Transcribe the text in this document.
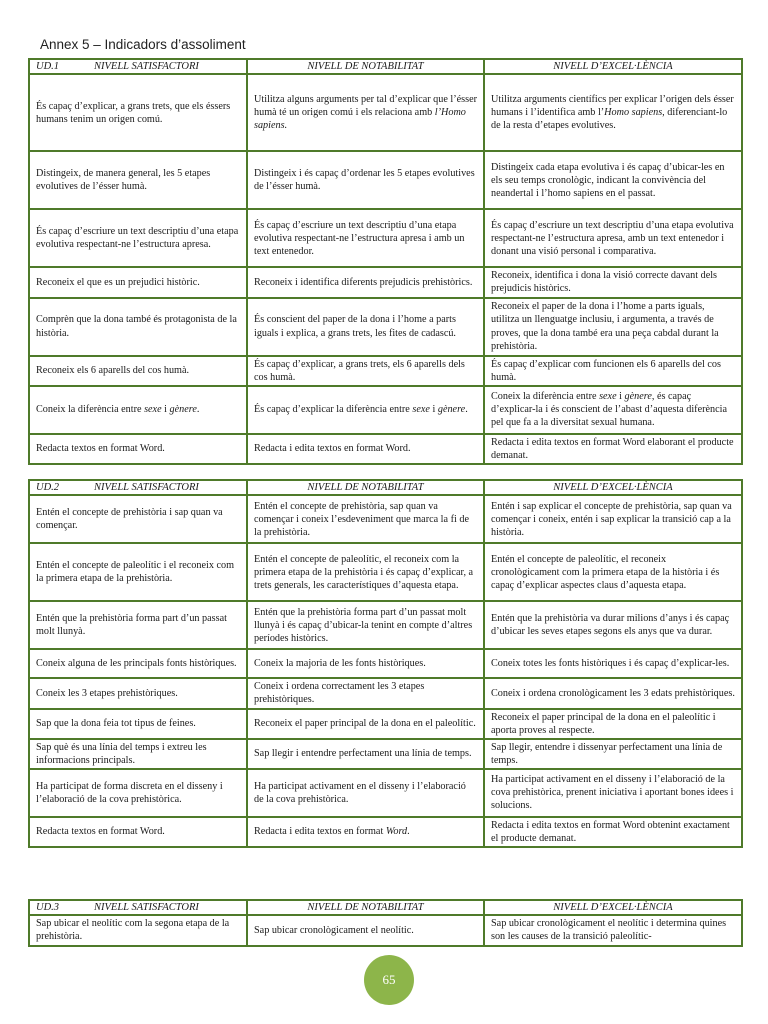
Annex 5 – Indicadors d’assoliment
UD.1 NIVELL SATISFACTORI	NIVELL DE NOTABILITAT	NIVELL D’EXCEL·LÈNCIA
És capaç d’explicar, a grans trets, que els éssers humans tenim un origen comú.	Utilitza alguns arguments per tal d’explicar que l’ésser humà té un origen comú i els relaciona amb l’Homo sapiens.	Utilitza arguments científics per explicar l’origen dels ésser humans i l’identifica amb l’Homo sapiens, diferenciant-lo de la resta d’etapes evolutives.
Distingeix, de manera general, les 5 etapes evolutives de l’ésser humà.	Distingeix i és capaç d’ordenar les 5 etapes evolutives de l’ésser humà.	Distingeix cada etapa evolutiva i és capaç d’ubicar-les en els seu temps cronològic, indicant la convivència del neandertal i l’homo sapiens en el passat.
És capaç d’escriure un text descriptiu d’una etapa evolutiva respectant-ne l’estructura apresa.	És capaç d’escriure un text descriptiu d’una etapa evolutiva respectant-ne l’estructura apresa i amb un text entenedor.	És capaç d’escriure un text descriptiu d’una etapa evolutiva respectant-ne l’estructura apresa, amb un text entenedor i donant una visió personal i comparativa.
Reconeix el que es un prejudici històric.	Reconeix i identifica diferents prejudicis prehistòrics.	Reconeix, identifica i dona la visió correcte davant dels prejudicis històrics.
Comprèn que la dona també és protagonista de la història.	És conscient del paper de la dona i l’home a parts iguals i explica, a grans trets, les fites de cadascú.	Reconeix el paper de la dona i l’home a parts iguals, utilitza un llenguatge inclusiu, i argumenta, a través de proves, que la dona també era una peça cabdal durant la prehistòria.
Reconeix els 6 aparells del cos humà.	És capaç d’explicar, a grans trets, els 6 aparells dels cos humà.	És capaç d’explicar com funcionen els 6 aparells del cos humà.
Coneix la diferència entre sexe i gènere.	És capaç d’explicar la diferència entre sexe i gènere.	Coneix la diferència entre sexe i gènere, és capaç d’explicar-la i és conscient de l’abast d’aquesta diferència pel que fa a la diversitat sexual humana.
Redacta textos en format Word.	Redacta i edita textos en format Word.	Redacta i edita textos en format Word elaborant el producte demanat.
UD.2 NIVELL SATISFACTORI	NIVELL DE NOTABILITAT	NIVELL D’EXCEL·LÈNCIA
Entén el concepte de prehistòria i sap quan va començar.	Entén el concepte de prehistòria, sap quan va començar i coneix l’esdeveniment que marca la fi de la prehistòria.	Entén i sap explicar el concepte de prehistòria, sap quan va començar i coneix, entén i sap explicar la transició cap a la història.
Entén el concepte de paleolític i el reconeix com la primera etapa de la prehistòria.	Entén el concepte de paleolític, el reconeix com la primera etapa de la prehistòria i és capaç d’explicar, a trets generals, les característiques d’aquesta etapa.	Entén el concepte de paleolític, el reconeix cronològicament com la primera etapa de la història i és capaç d’explicar aspectes claus d’aquesta etapa.
Entén que la prehistòria forma part d’un passat molt llunyà.	Entén que la prehistòria forma part d’un passat molt llunyà i és capaç d’ubicar-la tenint en compte d’altres períodes històrics.	Entén que la prehistòria va durar milions d’anys i és capaç d’ubicar les seves etapes segons els anys que va durar.
Coneix alguna de les principals fonts històriques.	Coneix la majoria de les fonts històriques.	Coneix totes les fonts històriques i és capaç d’explicar-les.
Coneix les 3 etapes prehistòriques.	Coneix i ordena correctament les 3 etapes prehistòriques.	Coneix i ordena cronològicament les 3 edats prehistòriques.
Sap que la dona feia tot tipus de feines.	Reconeix el paper principal de la dona en el paleolític.	Reconeix el paper principal de la dona en el paleolític i aporta proves al respecte.
Sap què és una línia del temps i extreu les informacions principals.	Sap llegir i entendre perfectament una línia de temps.	Sap llegir, entendre i dissenyar perfectament una línia de temps.
Ha participat de forma discreta en el disseny i l’elaboració de la cova prehistòrica.	Ha participat activament en el disseny i l’elaboració de la cova prehistòrica.	Ha participat activament en el disseny i l’elaboració de la cova prehistòrica, prenent iniciativa i aportant bones idees i solucions.
Redacta textos en format Word.	Redacta i edita textos en format Word.	Redacta i edita textos en format Word obtenint exactament el producte demanat.
UD.3 NIVELL SATISFACTORI	NIVELL DE NOTABILITAT	NIVELL D’EXCEL·LÈNCIA
Sap ubicar el neolític com la segona etapa de la prehistòria.	Sap ubicar cronològicament el neolític.	Sap ubicar cronològicament el neolític i determina quines son les causes de la transició paleolític-
65
